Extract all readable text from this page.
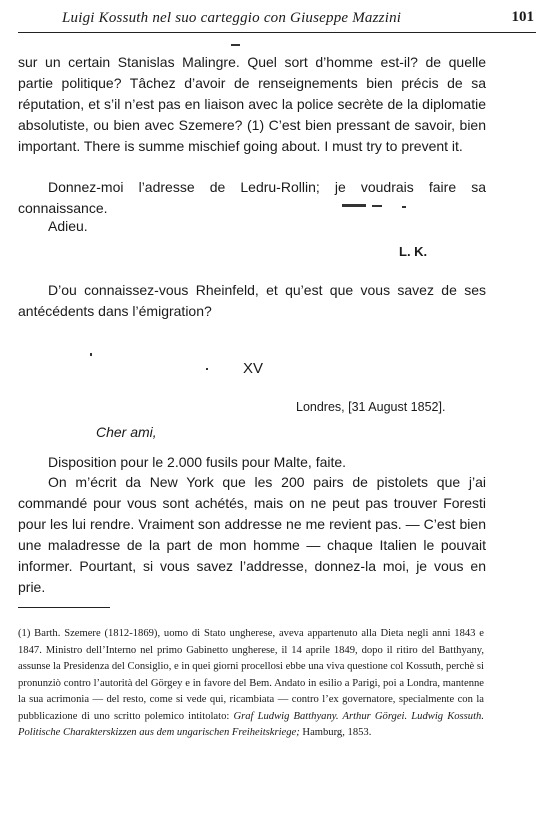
Luigi Kossuth nel suo carteggio con Giuseppe Mazzini	101
sur un certain Stanislas Malingre. Quel sort d’homme est-il? de quelle partie politique? Tâchez d’avoir de renseignements bien précis de sa réputation, et s’il n’est pas en liaison avec la police secrète de la diplomatie absolutiste, ou bien avec Szemere? (1) C’est bien pressant de savoir, bien important. There is summe mischief going about. I must try to prevent it.
Donnez-moi l’adresse de Ledru-Rollin; je voudrais faire sa connaissance.
Adieu.
L. K.
D’ou connaissez-vous Rheinfeld, et qu’est que vous savez de ses antécédents dans l’émigration?
XV
Londres, [31 August 1852].
Cher ami,
Disposition pour le 2.000 fusils pour Malte, faite.
On m’écrit da New York que les 200 pairs de pistolets que j’ai commandé pour vous sont achétés, mais on ne peut pas trouver Foresti pour les lui rendre. Vraiment son addresse ne me revient pas. — C’est bien une maladresse de la part de mon homme — chaque Italien le pouvait informer. Pourtant, si vous savez l’addresse, donnez-la moi, je vous en prie.
(1) Barth. Szemere (1812-1869), uomo di Stato ungherese, aveva appartenuto alla Dieta negli anni 1843 e 1847. Ministro dell’Interno nel primo Gabinetto ungherese, il 14 aprile 1849, dopo il ritiro del Batthyany, assunse la Presidenza del Consiglio, e in quei giorni procellosi ebbe una viva questione col Kossuth, perchè si pronunziò contro l’autorità del Görgey e in favore del Bem. Andato in esilio a Parigi, poi a Londra, mantenne la sua acrimonia — del resto, come si vede qui, ricambiata — contro l’ex governatore, specialmente con la pubblicazione di uno scritto polemico intitolato: Graf Ludwig Batthyany. Arthur Görgei. Ludwig Kossuth. Politische Charakterskizzen aus dem ungarischen Freiheitskriege; Hamburg, 1853.
